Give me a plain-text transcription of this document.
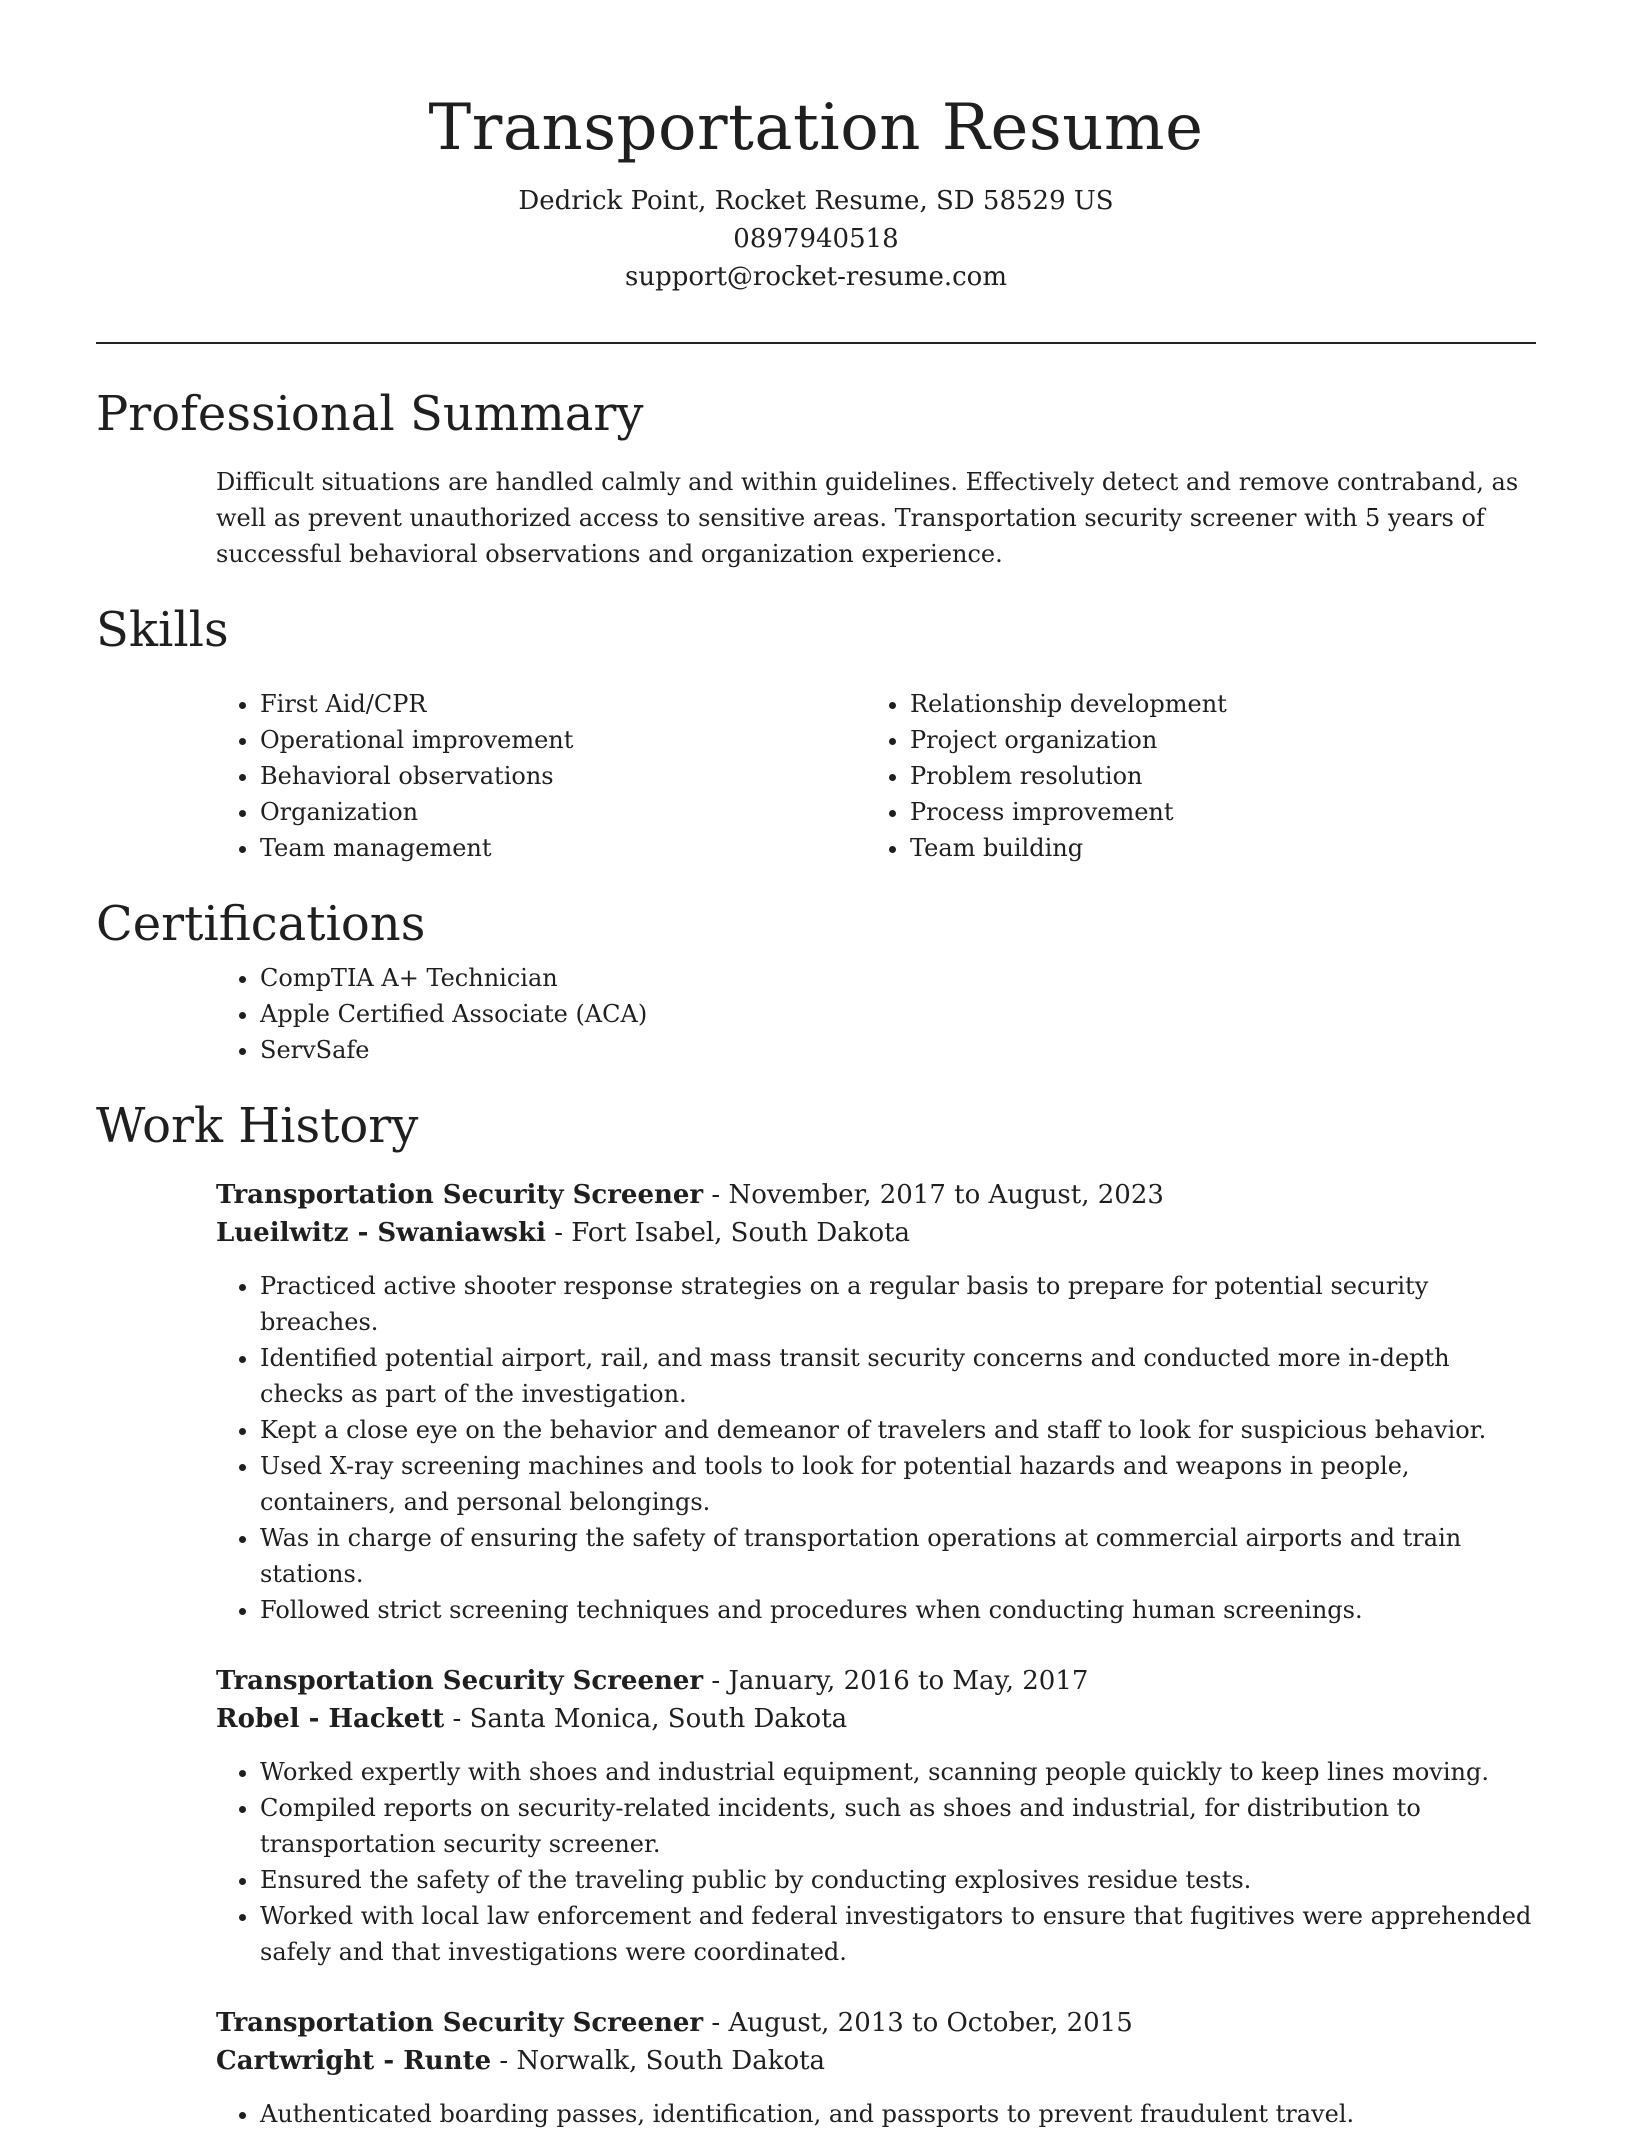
Transportation Resume
Dedrick Point, Rocket Resume, SD 58529 US
0897940518
support@rocket-resume.com
Professional Summary

Difficult situations are handled calmly and within guidelines. Effectively detect and remove contraband, as well as prevent unauthorized access to sensitive areas. Transportation security screener with 5 years of successful behavioral observations and organization experience.

Skills
• First Aid/CPR
• Operational improvement
• Behavioral observations
• Organization
• Team management
• Relationship development
• Project organization
• Problem resolution
• Process improvement
• Team building
Certifications
• CompTIA A+ Technician
• Apple Certified Associate (ACA)
• ServSafe
Work History
Transportation Security Screener - November, 2017 to August, 2023
Lueilwitz - Swaniawski - Fort Isabel, South Dakota
• Practiced active shooter response strategies on a regular basis to prepare for potential security breaches.
• Identified potential airport, rail, and mass transit security concerns and conducted more in-depth checks as part of the investigation.
• Kept a close eye on the behavior and demeanor of travelers and staff to look for suspicious behavior.
• Used X-ray screening machines and tools to look for potential hazards and weapons in people, containers, and personal belongings.
• Was in charge of ensuring the safety of transportation operations at commercial airports and train stations.
• Followed strict screening techniques and procedures when conducting human screenings.
Transportation Security Screener - January, 2016 to May, 2017
Robel - Hackett - Santa Monica, South Dakota
• Worked expertly with shoes and industrial equipment, scanning people quickly to keep lines moving.
• Compiled reports on security-related incidents, such as shoes and industrial, for distribution to transportation security screener.
• Ensured the safety of the traveling public by conducting explosives residue tests.
• Worked with local law enforcement and federal investigators to ensure that fugitives were apprehended safely and that investigations were coordinated.
Transportation Security Screener - August, 2013 to October, 2015
Cartwright - Runte - Norwalk, South Dakota
• Authenticated boarding passes, identification, and passports to prevent fraudulent travel.
